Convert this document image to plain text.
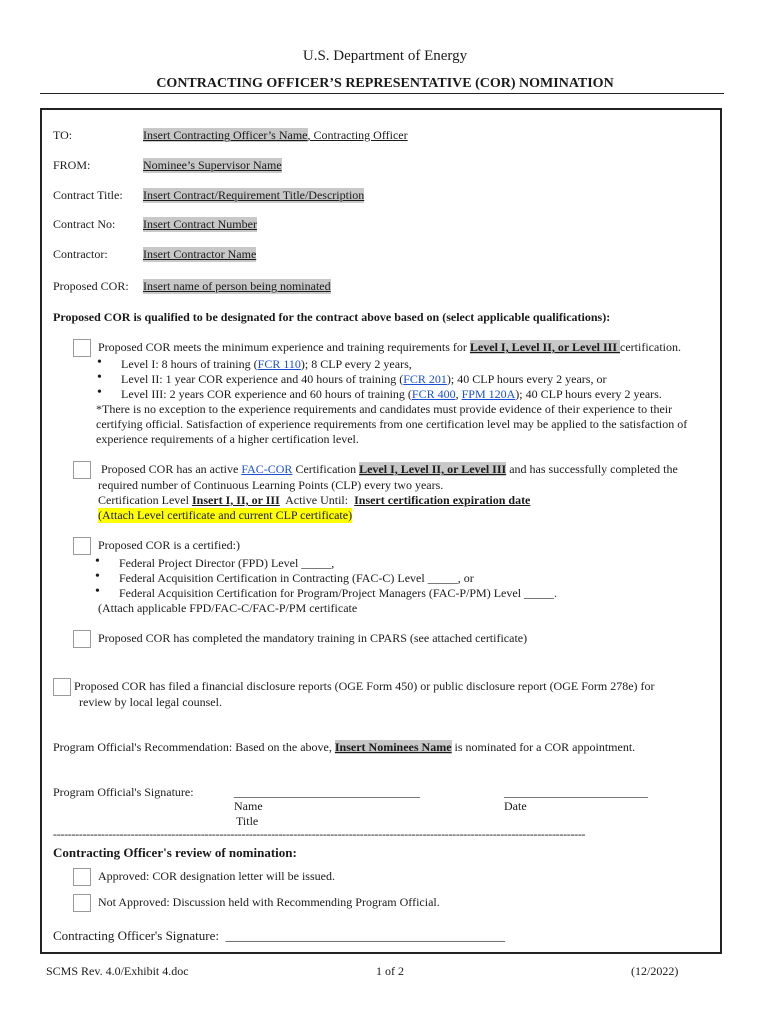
U.S. Department of Energy
CONTRACTING OFFICER’S REPRESENTATIVE (COR) NOMINATION
TO:	Insert Contracting Officer’s Name, Contracting Officer
FROM:	Nominee’s Supervisor Name
Contract Title: Insert Contract/Requirement Title/Description
Contract No: Insert Contract Number
Contractor:	Insert Contractor Name
Proposed COR: Insert name of person being nominated
Proposed COR is qualified to be designated for the contract above based on (select applicable qualifications):
Proposed COR meets the minimum experience and training requirements for Level I, Level II, or Level III certification.
• Level I: 8 hours of training (FCR 110); 8 CLP every 2 years,
• Level II: 1 year COR experience and 40 hours of training (FCR 201); 40 CLP hours every 2 years, or
• Level III: 2 years COR experience and 60 hours of training (FCR 400, FPM 120A); 40 CLP hours every 2 years.
*There is no exception to the experience requirements and candidates must provide evidence of their experience to their
certifying official. Satisfaction of experience requirements from one certification level may be applied to the satisfaction of
experience requirements of a higher certification level.
Proposed COR has an active FAC-COR Certification Level I, Level II, or Level III and has successfully completed the
required number of Continuous Learning Points (CLP) every two years.
Certification Level Insert I, II, or III  Active Until:  Insert certification expiration date
(Attach Level certificate and current CLP certificate)
Proposed COR is a certified:)
• Federal Project Director (FPD) Level _____,
• Federal Acquisition Certification in Contracting (FAC-C) Level _____, or
• Federal Acquisition Certification for Program/Project Managers (FAC-P/PM) Level _____.
(Attach applicable FPD/FAC-C/FAC-P/PM certificate
Proposed COR has completed the mandatory training in CPARS (see attached certificate)
Proposed COR has filed a financial disclosure reports (OGE Form 450) or public disclosure report (OGE Form 278e) for
review by local legal counsel.
Program Official's Recommendation: Based on the above, Insert Nominees Name is nominated for a COR appointment.
Program Official's Signature:	_______________________________	________________________
Name	Date
Title
------------------------------------------------------------------------------------------------------------------------------------------------
Contracting Officer's review of nomination:
Approved: COR designation letter will be issued.
Not Approved: Discussion held with Recommending Program Official.
Contracting Officer's Signature:  ___________________________________________
SCMS Rev. 4.0/Exhibit 4.doc	1 of 2	(12/2022)
